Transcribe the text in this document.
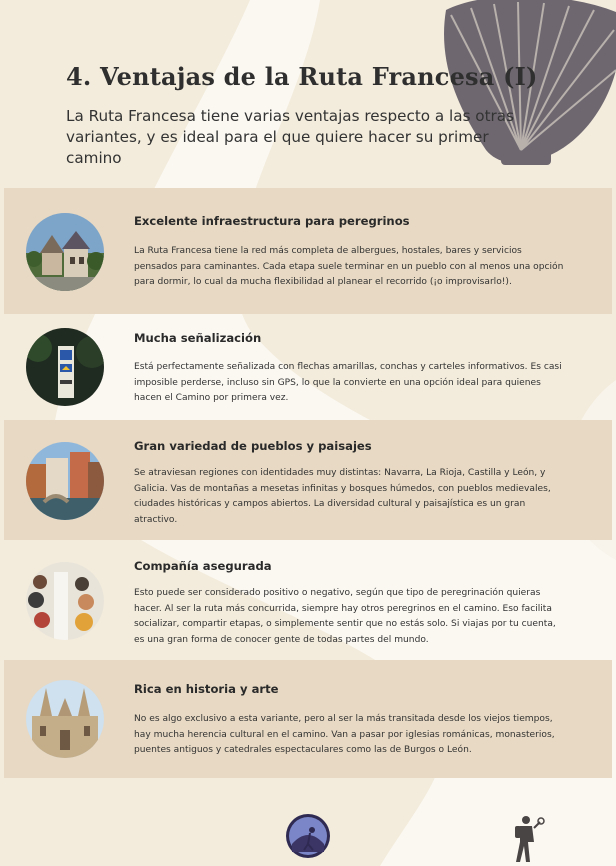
4. Ventajas de la Ruta Francesa (I)

La Ruta Francesa tiene varias ventajas respecto a las otras variantes, y es ideal para el que quiere hacer su primer camino

Excelente infraestructura para peregrinos

La Ruta Francesa tiene la red más completa de albergues, hostales, bares y servicios pensados para caminantes. Cada etapa suele terminar en un pueblo con al menos una opción para dormir, lo cual da mucha flexibilidad al planear el recorrido (¡o improvisarlo!).

Mucha señalización

Está perfectamente señalizada con flechas amarillas, conchas y carteles informativos. Es casi imposible perderse, incluso sin GPS, lo que la convierte en una opción ideal para quienes hacen el Camino por primera vez.

Gran variedad de pueblos y paisajes

Se atraviesan regiones con identidades muy distintas: Navarra, La Rioja, Castilla y León, y Galicia. Vas de montañas a mesetas infinitas y bosques húmedos, con pueblos medievales, ciudades históricas y campos abiertos. La diversidad cultural y paisajística es un gran atractivo.

Compañía asegurada

Esto puede ser considerado positivo o negativo, según que tipo de peregrinación quieras hacer. Al ser la ruta más concurrida, siempre hay otros peregrinos en el camino. Eso facilita socializar, compartir etapas, o simplemente sentir que no estás solo. Si viajas por tu cuenta, es una gran forma de conocer gente de todas partes del mundo.

Rica en historia y arte

No es algo exclusivo a esta variante, pero al ser la más transitada desde los viejos tiempos, hay mucha herencia cultural en el camino. Van a pasar por iglesias románicas, monasterios, puentes antiguos y catedrales espectaculares como las de Burgos o León.
